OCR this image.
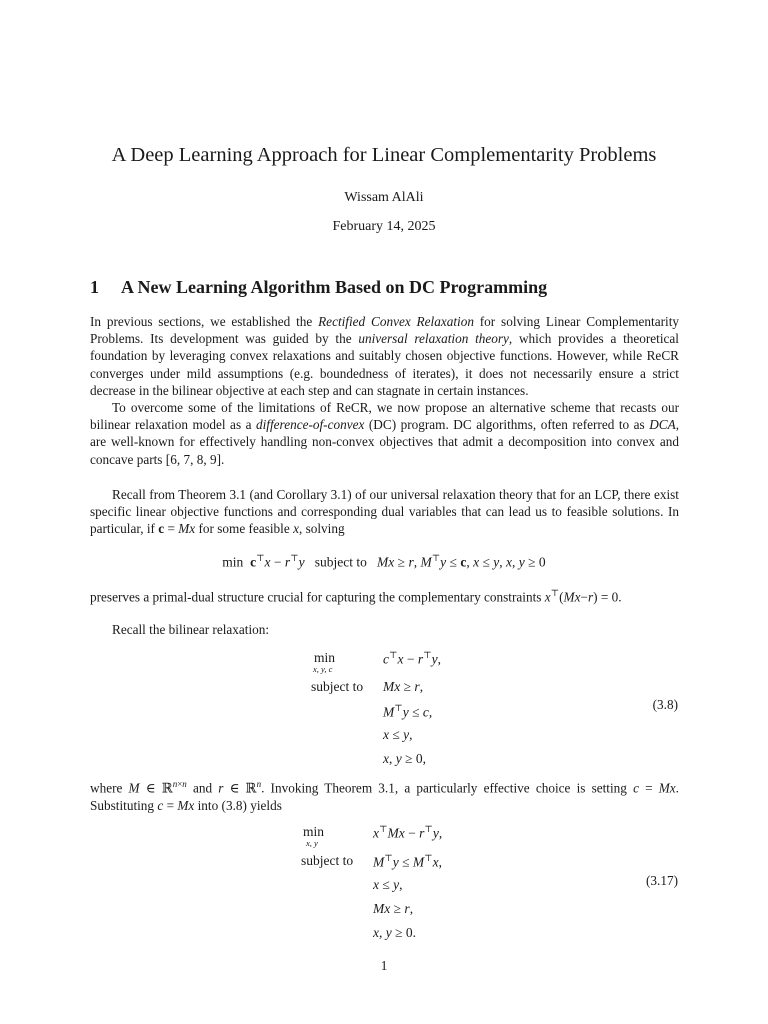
A Deep Learning Approach for Linear Complementarity Problems
Wissam AlAli
February 14, 2025
1 A New Learning Algorithm Based on DC Programming

In previous sections, we established the Rectified Convex Relaxation for solving Linear Complementarity Problems. Its development was guided by the universal relaxation theory, which provides a theoretical foundation by leveraging convex relaxations and suitably chosen objective functions. However, while ReCR converges under mild assumptions (e.g. boundedness of iterates), it does not necessarily ensure a strict decrease in the bilinear objective at each step and can stagnate in certain instances.

To overcome some of the limitations of ReCR, we now propose an alternative scheme that recasts our bilinear relaxation model as a difference-of-convex (DC) program. DC algorithms, often referred to as DCA, are well-known for effectively handling non-convex objectives that admit a decomposition into convex and concave parts [6, 7, 8, 9].

Recall from Theorem 3.1 (and Corollary 3.1) of our universal relaxation theory that for an LCP, there exist specific linear objective functions and corresponding dual variables that can lead us to feasible solutions. In particular, if c = Mx for some feasible x, solving

min  c⊤x − r⊤y   subject to   Mx ≥ r, M⊤y ≤ c, x ≤ y, x, y ≥ 0

preserves a primal-dual structure crucial for capturing the complementary constraints x⊤(Mx−r) = 0.

Recall the bilinear relaxation:

min
x, y, c
c⊤x − r⊤y,
subject to Mx ≥ r,
M⊤y ≤ c,
x ≤ y,
x, y ≥ 0,
(3.8)

where M ∈ ℝ$^{n\times n}$ and r ∈ ℝ$^n$. Invoking Theorem 3.1, a particularly effective choice is setting c = Mx. Substituting c = Mx into (3.8) yields

min
x, y
x⊤Mx − r⊤y,
subject to M⊤y ≤ M⊤x,
x ≤ y,
Mx ≥ r,
x, y ≥ 0.
(3.17)
1
